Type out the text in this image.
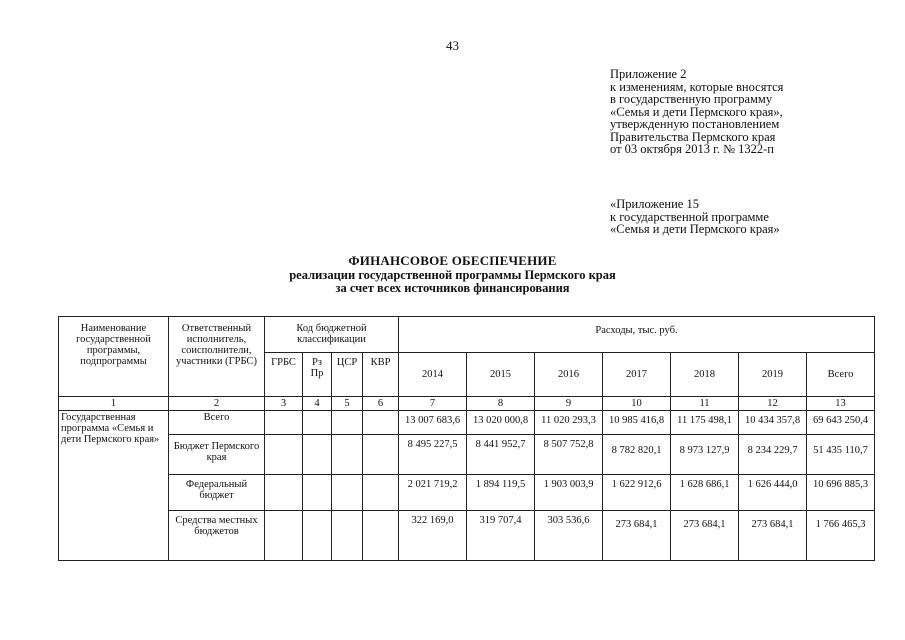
43
Приложение 2
к изменениям, которые вносятся
в государственную программу
«Семья и дети Пермского края»,
утвержденную постановлением
Правительства Пермского края
от 03 октября 2013 г. № 1322-п
«Приложение 15
к государственной программе
«Семья и дети Пермского края»
ФИНАНСОВОЕ ОБЕСПЕЧЕНИЕ
реализации государственной программы Пермского края
за счет всех источников финансирования
Наименование государственной программы, подпрограммы	Ответственный исполнитель, соисполнители, участники (ГРБС)	Код бюджетной классификации				Расходы, тыс. руб.						
		ГРБС	Рз Пр	ЦСР	КВР	2014	2015	2016	2017	2018	2019	Всего
1	2	3	4	5	6	7	8	9	10	11	12	13
Государственная программа «Семья и дети Пермского края»	Всего					13 007 683,6	13 020 000,8	11 020 293,3	10 985 416,8	11 175 498,1	10 434 357,8	69 643 250,4
	Бюджет Пермского края					8 495 227,5	8 441 952,7	8 507 752,8	8 782 820,1	8 973 127,9	8 234 229,7	51 435 110,7
	Федеральный бюджет					2 021 719,2	1 894 119,5	1 903 003,9	1 622 912,6	1 628 686,1	1 626 444,0	10 696 885,3
	Средства местных бюджетов					322 169,0	319 707,4	303 536,6	273 684,1	273 684,1	273 684,1	1 766 465,3
